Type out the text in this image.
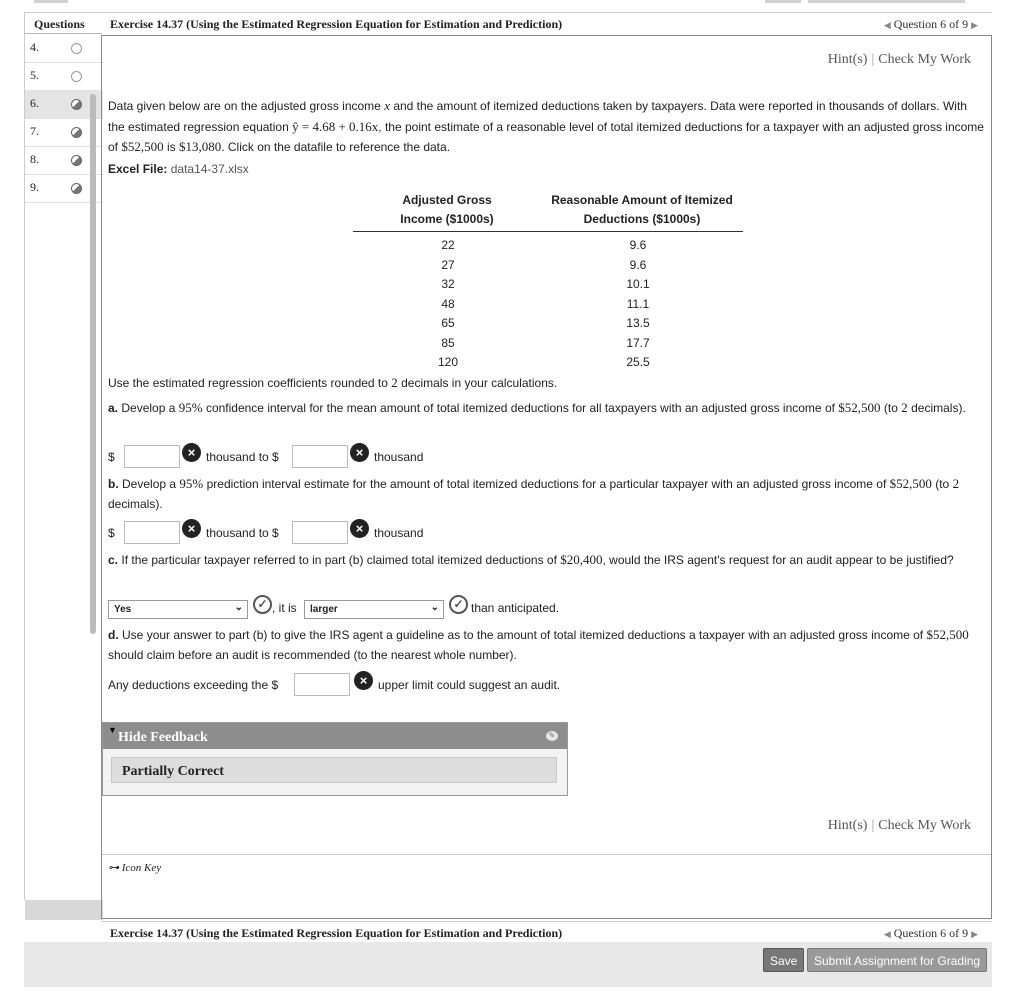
Questions
4.
5.
6.
7.
8.
9.
Exercise 14.37 (Using the Estimated Regression Equation for Estimation and Prediction)	◀ Question 6 of 9 ▶
Hint(s) | Check My Work
Data given below are on the adjusted gross income x and the amount of itemized deductions taken by taxpayers. Data were reported in thousands of dollars. With the estimated regression equation ŷ = 4.68 + 0.16x, the point estimate of a reasonable level of total itemized deductions for a taxpayer with an adjusted gross income of $52,500 is $13,080. Click on the datafile to reference the data.
Excel File: data14-37.xlsx
Adjusted Gross
Income ($1000s)
Reasonable Amount of Itemized
Deductions ($1000s)
22	9.6
27	9.6
32	10.1
48	11.1
65	13.5
85	17.7
120	25.5
Use the estimated regression coefficients rounded to 2 decimals in your calculations.
a. Develop a 95% confidence interval for the mean amount of total itemized deductions for all taxpayers with an adjusted gross income of $52,500 (to 2 decimals).
$	× thousand to $	× thousand
b. Develop a 95% prediction interval estimate for the amount of total itemized deductions for a particular taxpayer with an adjusted gross income of $52,500 (to 2 decimals).
$	× thousand to $	× thousand
c. If the particular taxpayer referred to in part (b) claimed total itemized deductions of $20,400, would the IRS agent's request for an audit appear to be justified?
Yes	⌄	✓ , it is	larger	⌄	✓ than anticipated.
d. Use your answer to part (b) to give the IRS agent a guideline as to the amount of total itemized deductions a taxpayer with an adjusted gross income of $52,500 should claim before an audit is recommended (to the nearest whole number).
Any deductions exceeding the $	× upper limit could suggest an audit.
▼ Hide Feedback	✎
Partially Correct
Hint(s) | Check My Work
⊶ Icon Key
Exercise 14.37 (Using the Estimated Regression Equation for Estimation and Prediction)	◀ Question 6 of 9 ▶
Save	Submit Assignment for Grading
